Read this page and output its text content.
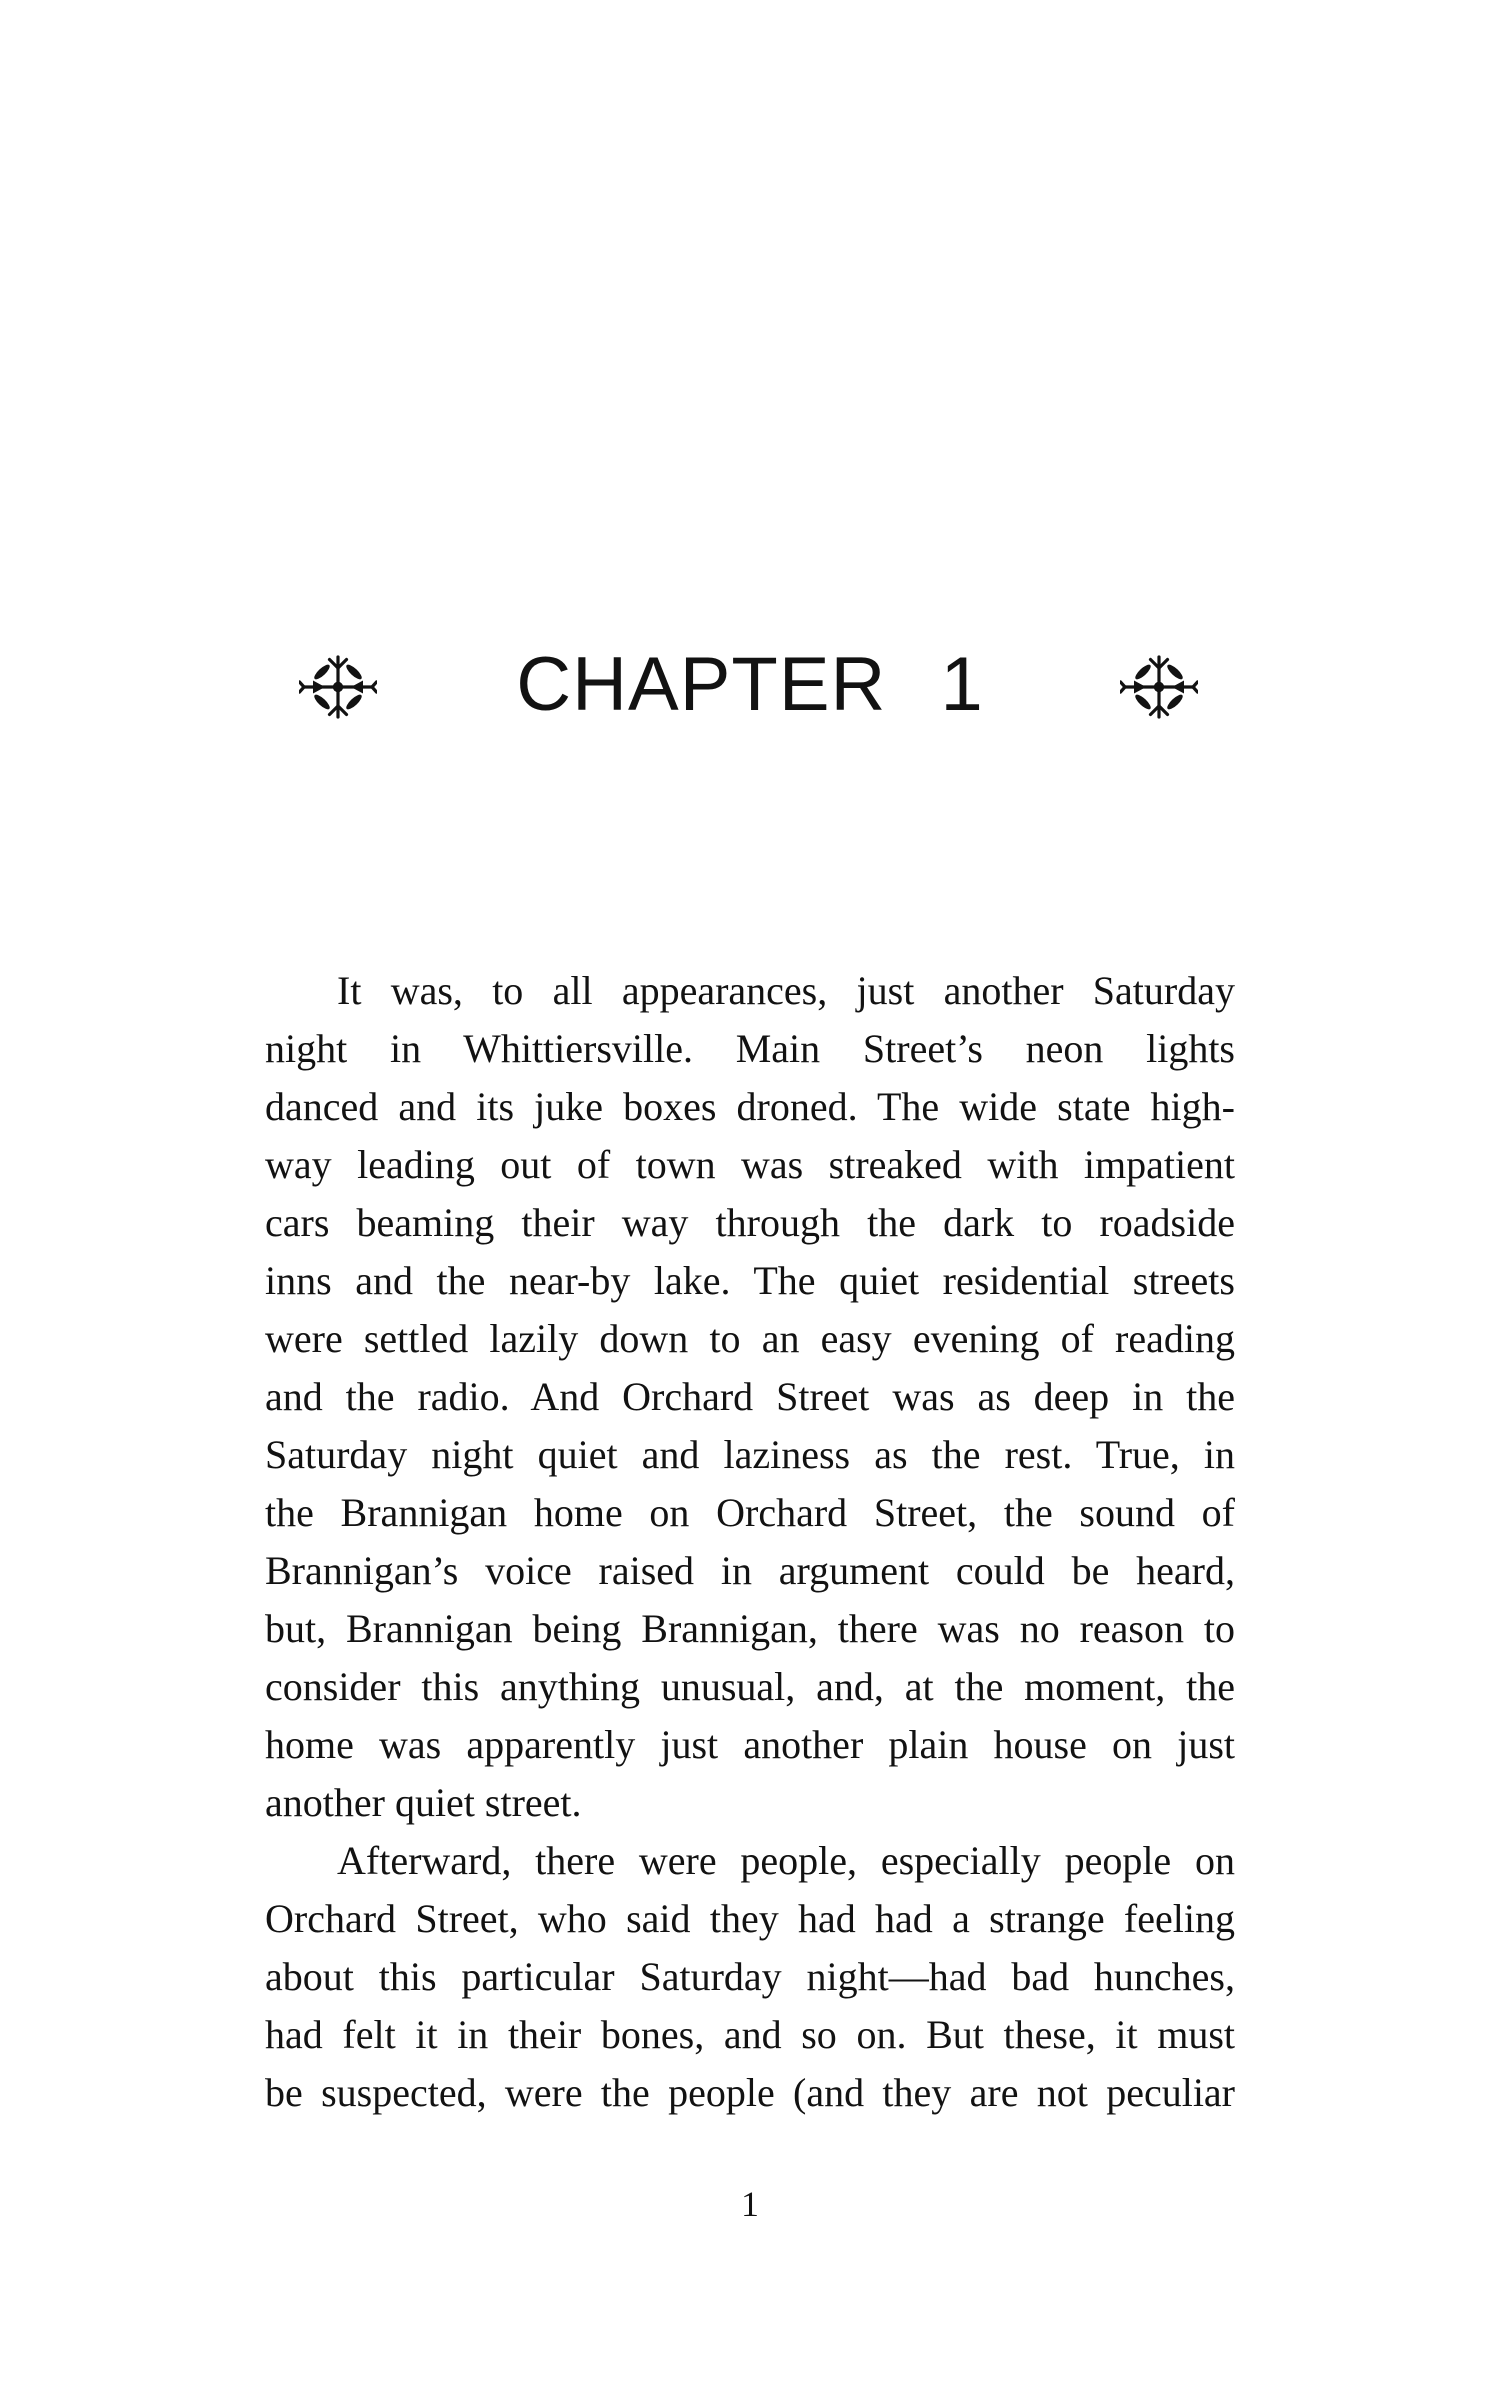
CHAPTER 1
It was, to all appearances, just another Saturday
night in Whittiersville. Main Street’s neon lights
danced and its juke boxes droned. The wide state high-
way leading out of town was streaked with impatient
cars beaming their way through the dark to roadside
inns and the near-by lake. The quiet residential streets
were settled lazily down to an easy evening of reading
and the radio. And Orchard Street was as deep in the
Saturday night quiet and laziness as the rest. True, in
the Brannigan home on Orchard Street, the sound of
Brannigan’s voice raised in argument could be heard,
but, Brannigan being Brannigan, there was no reason to
consider this anything unusual, and, at the moment, the
home was apparently just another plain house on just
another quiet street.
Afterward, there were people, especially people on
Orchard Street, who said they had had a strange feeling
about this particular Saturday night—had bad hunches,
had felt it in their bones, and so on. But these, it must
be suspected, were the people (and they are not peculiar
1
